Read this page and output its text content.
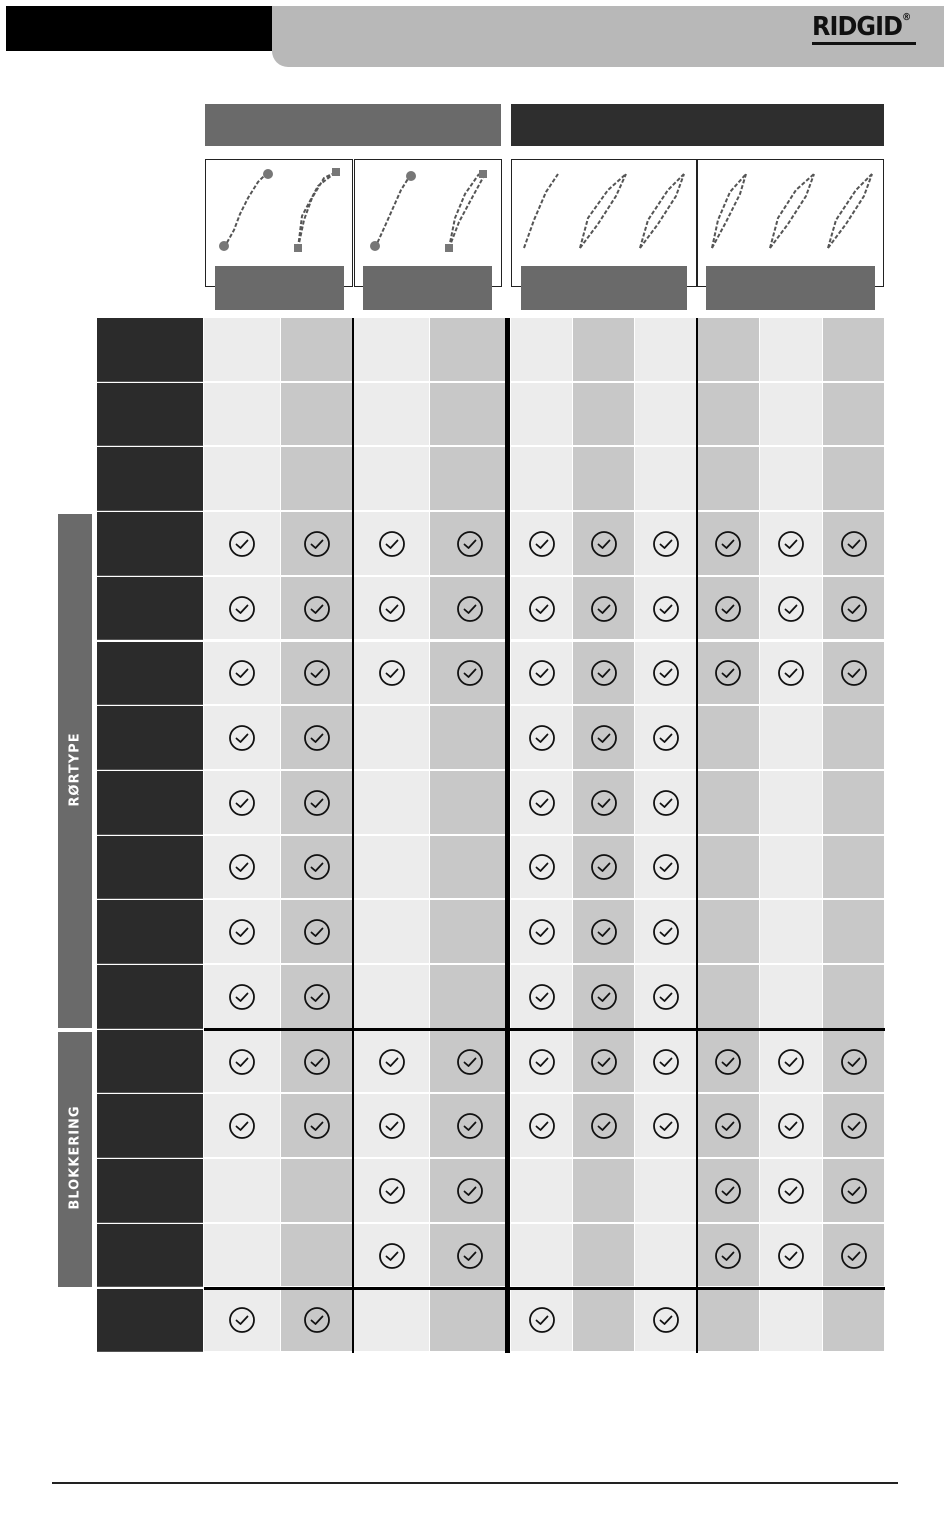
RIDGID®
RØRTYPE
BLOKKERING
